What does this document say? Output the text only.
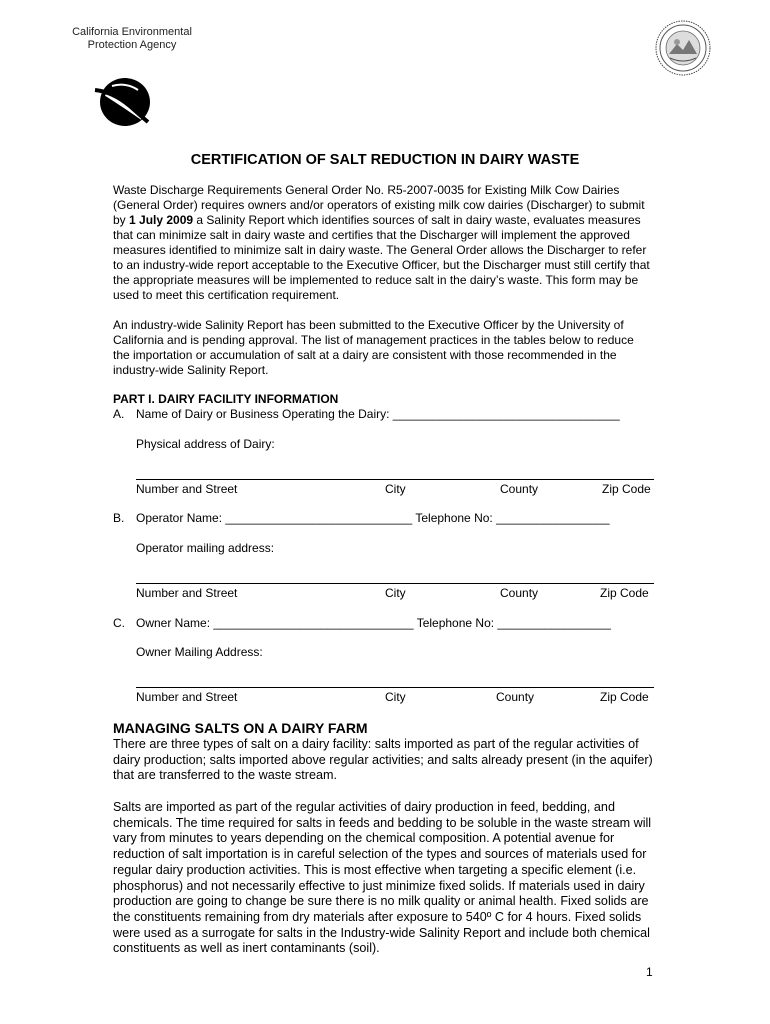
California Environmental
Protection Agency
CERTIFICATION OF SALT REDUCTION IN DAIRY WASTE
Waste Discharge Requirements General Order No. R5-2007-0035 for Existing Milk Cow Dairies (General Order) requires owners and/or operators of existing milk cow dairies (Discharger) to submit by 1 July 2009 a Salinity Report which identifies sources of salt in dairy waste, evaluates measures that can minimize salt in dairy waste and certifies that the Discharger will implement the approved measures identified to minimize salt in dairy waste. The General Order allows the Discharger to refer to an industry-wide report acceptable to the Executive Officer, but the Discharger must still certify that the appropriate measures will be implemented to reduce salt in the dairy’s waste. This form may be used to meet this certification requirement.
An industry-wide Salinity Report has been submitted to the Executive Officer by the University of California and is pending approval. The list of management practices in the tables below to reduce the importation or accumulation of salt at a dairy are consistent with those recommended in the industry-wide Salinity Report.
PART I. DAIRY FACILITY INFORMATION
A. Name of Dairy or Business Operating the Dairy: __________________________________
Physical address of Dairy:
Number and Street	City	County	Zip Code
B. Operator Name: ____________________________ Telephone No: _________________
Operator mailing address:
Number and Street	City	County	Zip Code
C. Owner Name: ______________________________ Telephone No: _________________
Owner Mailing Address:
Number and Street	City	County	Zip Code
MANAGING SALTS ON A DAIRY FARM
There are three types of salt on a dairy facility: salts imported as part of the regular activities of dairy production; salts imported above regular activities; and salts already present (in the aquifer) that are transferred to the waste stream.
Salts are imported as part of the regular activities of dairy production in feed, bedding, and chemicals. The time required for salts in feeds and bedding to be soluble in the waste stream will vary from minutes to years depending on the chemical composition. A potential avenue for reduction of salt importation is in careful selection of the types and sources of materials used for regular dairy production activities. This is most effective when targeting a specific element (i.e. phosphorus) and not necessarily effective to just minimize fixed solids. If materials used in dairy production are going to change be sure there is no milk quality or animal health. Fixed solids are the constituents remaining from dry materials after exposure to 540º C for 4 hours. Fixed solids were used as a surrogate for salts in the Industry-wide Salinity Report and include both chemical constituents as well as inert contaminants (soil).
1
